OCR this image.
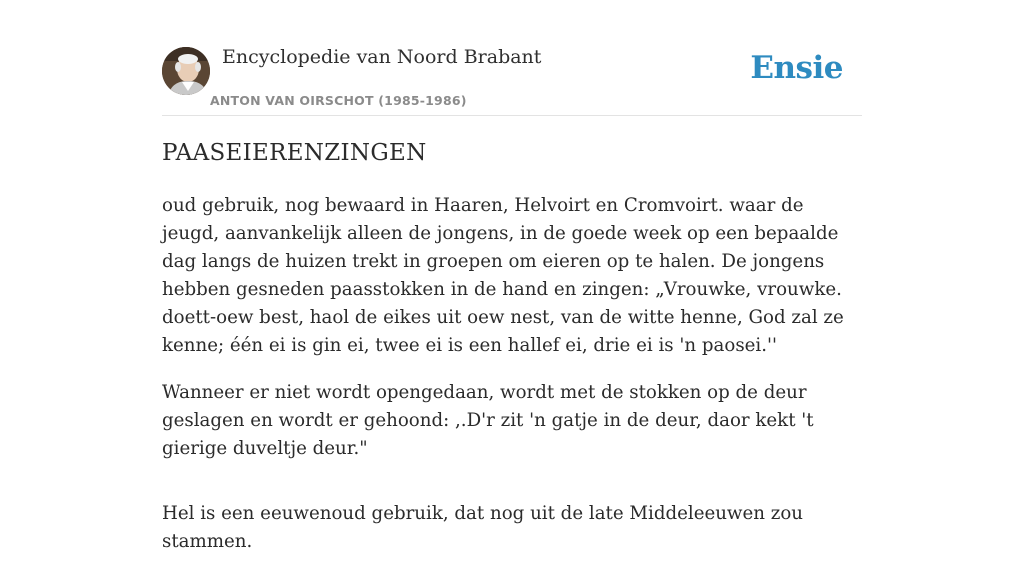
Encyclopedie van Noord Brabant
ANTON VAN OIRSCHOT (1985-1986)
Ensie
PAASEIERENZINGEN

oud gebruik, nog bewaard in Haaren, Helvoirt en Cromvoirt. waar de jeugd, aanvankelijk alleen de jongens, in de goede week op een bepaalde dag langs de huizen trekt in groepen om eieren op te halen. De jongens hebben gesneden paasstokken in de hand en zingen: „Vrouwke, vrouwke. doett-oew best, haol de eikes uit oew nest, van de witte henne, God zal ze kenne; één ei is gin ei, twee ei is een hallef ei, drie ei is 'n paosei.''

Wanneer er niet wordt opengedaan, wordt met de stokken op de deur geslagen en wordt er gehoond: ,.D'r zit 'n gatje in de deur, daor kekt 't gierige duveltje deur."

Hel is een eeuwenoud gebruik, dat nog uit de late Middeleeuwen zou stammen.
